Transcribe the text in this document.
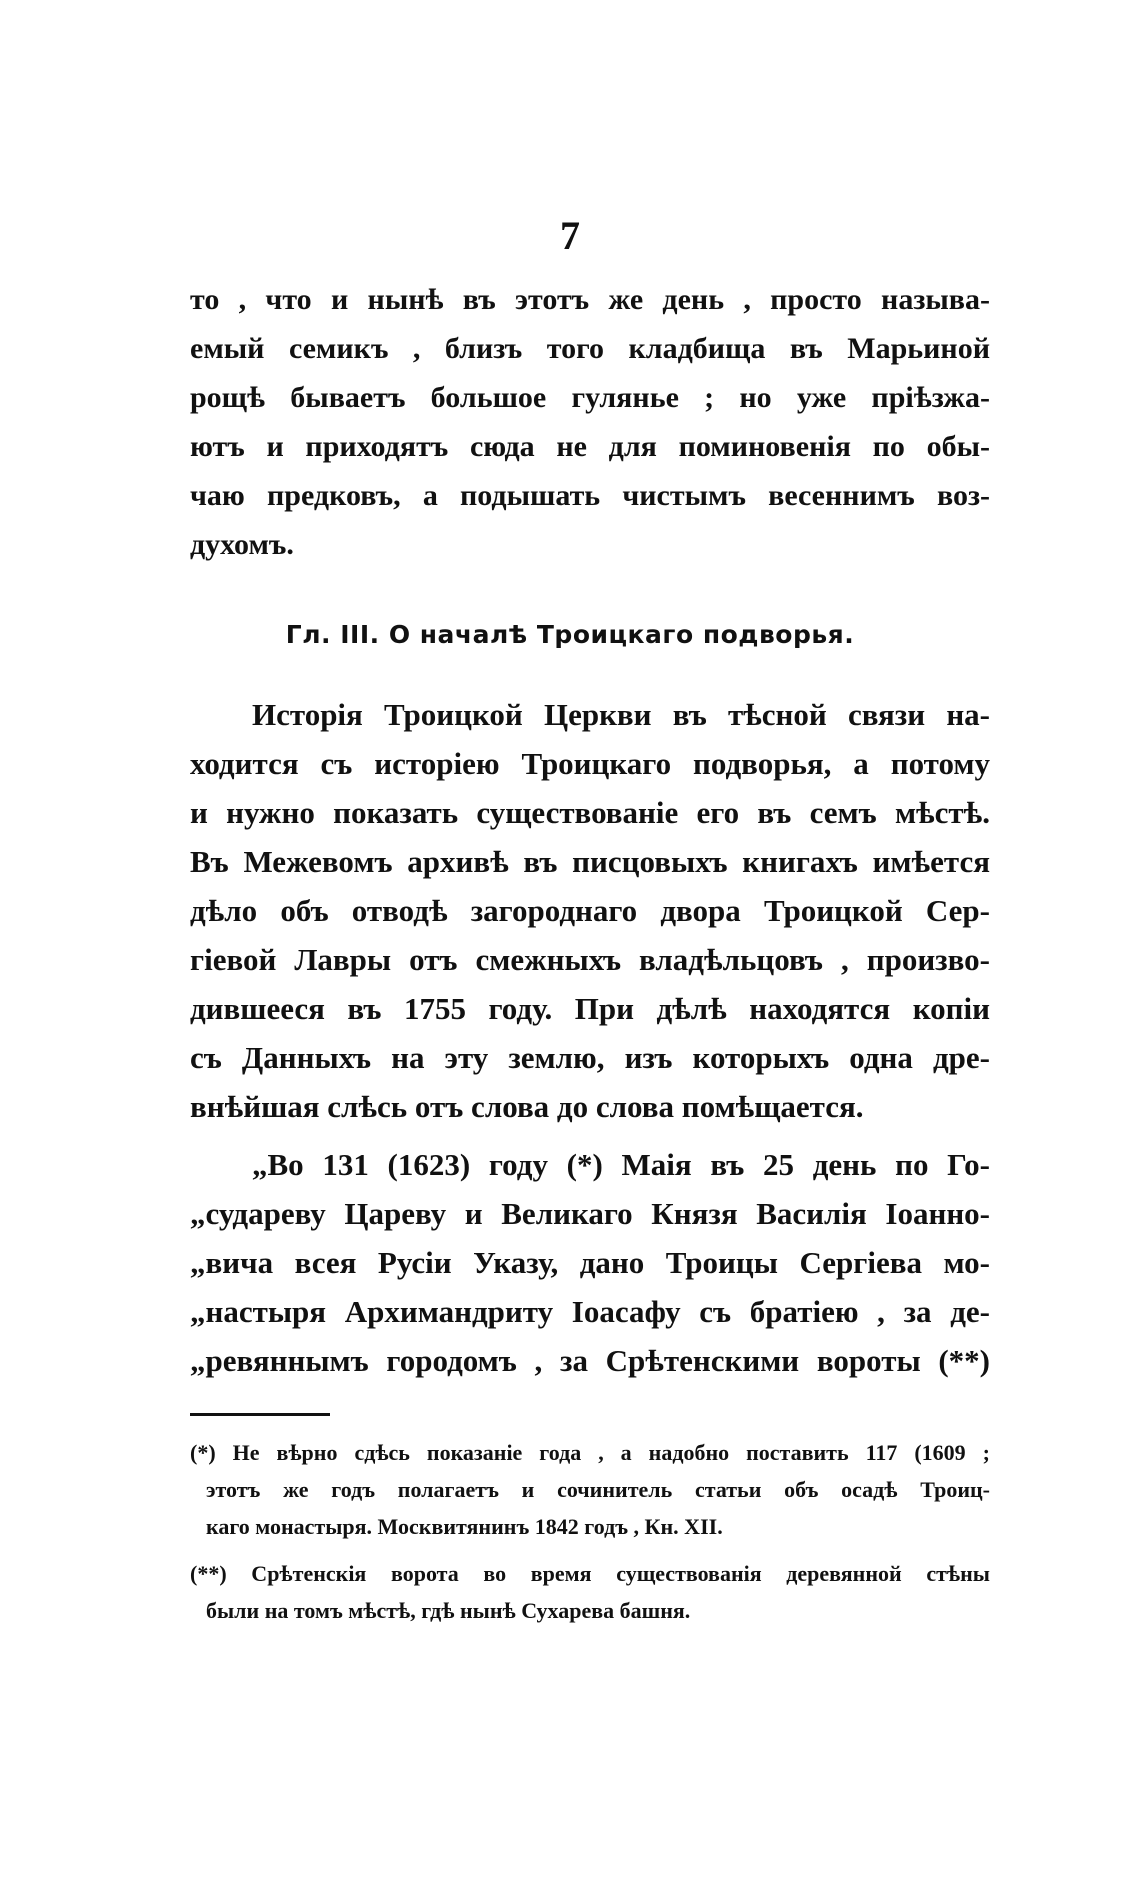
7
то , что и нынѣ въ этотъ же день , просто называ-
емый семикъ , близъ того кладбища въ Марьиной
рощѣ бываетъ большое гулянье ; но уже пріѣзжа-
ютъ и приходятъ сюда не для поминовенія по обы-
чаю предковъ, а подышать чистымъ весеннимъ воз-
духомъ.
Гл. III. О началѣ Троицкаго подворья.
Исторія Троицкой Церкви въ тѣсной связи на-
ходится съ исторіею Троицкаго подворья, а потому
и нужно показать существованіе его въ семъ мѣстѣ.
Въ Межевомъ архивѣ въ писцовыхъ книгахъ имѣется
дѣло объ отводѣ загороднаго двора Троицкой Сер-
гіевой Лавры отъ смежныхъ владѣльцовъ , произво-
дившееся въ 1755 году. При дѣлѣ находятся копіи
съ Данныхъ на эту землю, изъ которыхъ одна дре-
внѣйшая слѣсь отъ слова до слова помѣщается.
„Во 131 (1623) году (*) Маія въ 25 день по Го-
„судареву Цареву и Великаго Князя Василія Іоанно-
„вича всея Русіи Указу, дано Троицы Сергіева мо-
„настыря Архимандриту Іоасафу съ братіею , за де-
„ревяннымъ городомъ , за Срѣтенскими вороты (**)
(*) Не вѣрно сдѣсь показаніе года , а надобно поставить 117 (1609 ;
этотъ же годъ полагаетъ и сочинитель статьи объ осадѣ Троиц-
каго монастыря. Москвитянинъ 1842 годъ , Кн. XII.
(**) Срѣтенскія ворота во время существованія деревянной стѣны
были на томъ мѣстѣ, гдѣ нынѣ Сухарева башня.
